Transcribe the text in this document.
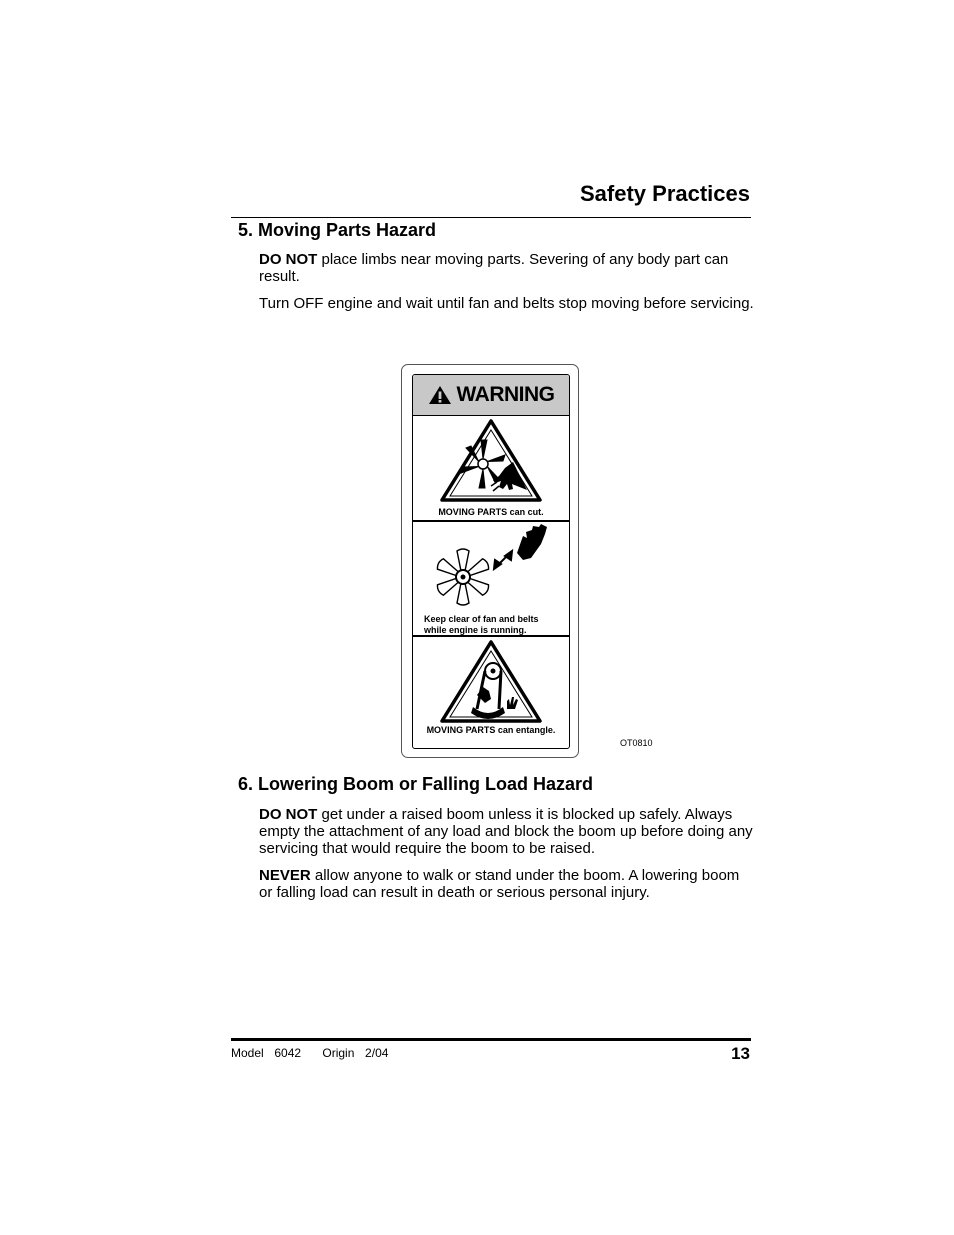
Safety Practices
5. Moving Parts Hazard
DO NOT place limbs near moving parts. Severing of any body part can result.
Turn OFF engine and wait until fan and belts stop moving before servicing.
WARNING
MOVING PARTS can cut.
Keep clear of fan and belts
while engine is running.
MOVING PARTS can entangle.
OT0810
6. Lowering Boom or Falling Load Hazard
DO NOT get under a raised boom unless it is blocked up safely. Always empty the attachment of any load and block the boom up before doing any servicing that would require the boom to be raised.
NEVER allow anyone to walk or stand under the boom. A lowering boom or falling load can result in death or serious personal injury.
Model  6042    Origin  2/04	13
